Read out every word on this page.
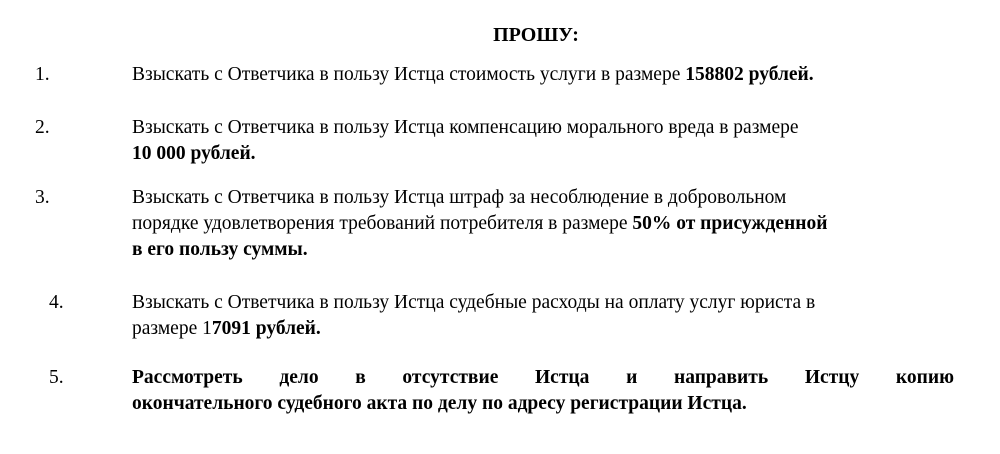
ПРОШУ:
1.	Взыскать с Ответчика в пользу Истца стоимость услуги в размере 158802 рублей.
2.	Взыскать с Ответчика в пользу Истца компенсацию морального вреда в размере
10 000 рублей.
3.	Взыскать с Ответчика в пользу Истца штраф за несоблюдение в добровольном
порядке удовлетворения требований потребителя в размере 50% от присужденной
в его пользу суммы.
4.	Взыскать с Ответчика в пользу Истца судебные расходы на оплату услуг юриста в
размере 17091 рублей.
5.	Рассмотреть дело в отсутствие Истца и направить Истцу копию
окончательного судебного акта по делу по адресу регистрации Истца.
